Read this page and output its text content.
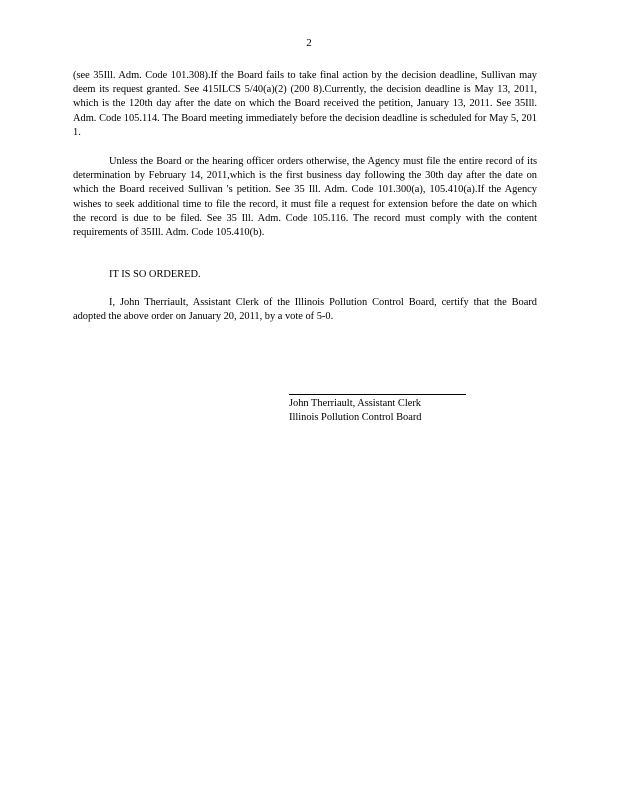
2

(see 35Ill. Adm. Code 101.308).If the Board fails to take final action by the decision deadline, Sullivan may deem its request granted. See 415ILCS 5/40(a)(2) (200 8).Currently, the decision deadline is May 13, 2011, which is the 120th day after the date on which the Board received the petition, January 13, 2011. See 35Ill. Adm. Code 105.114. The Board meeting immediately before the decision deadline is scheduled for May 5, 201 1.

Unless the Board or the hearing officer orders otherwise, the Agency must file the entire record of its determination by February 14, 2011,which is the first business day following the 30th day after the date on which the Board received Sullivan 's petition. See 35 Ill. Adm. Code 101.300(a), 105.410(a).If the Agency wishes to seek additional time to file the record, it must file a request for extension before the date on which the record is due to be filed. See 35 Ill. Adm. Code 105.116. The record must comply with the content requirements of 35Ill. Adm. Code 105.410(b).

IT IS SO ORDERED.

I, John Therriault, Assistant Clerk of the Illinois Pollution Control Board, certify that the Board adopted the above order on January 20, 2011, by a vote of 5-0.

John Therriault, Assistant Clerk
Illinois Pollution Control Board
